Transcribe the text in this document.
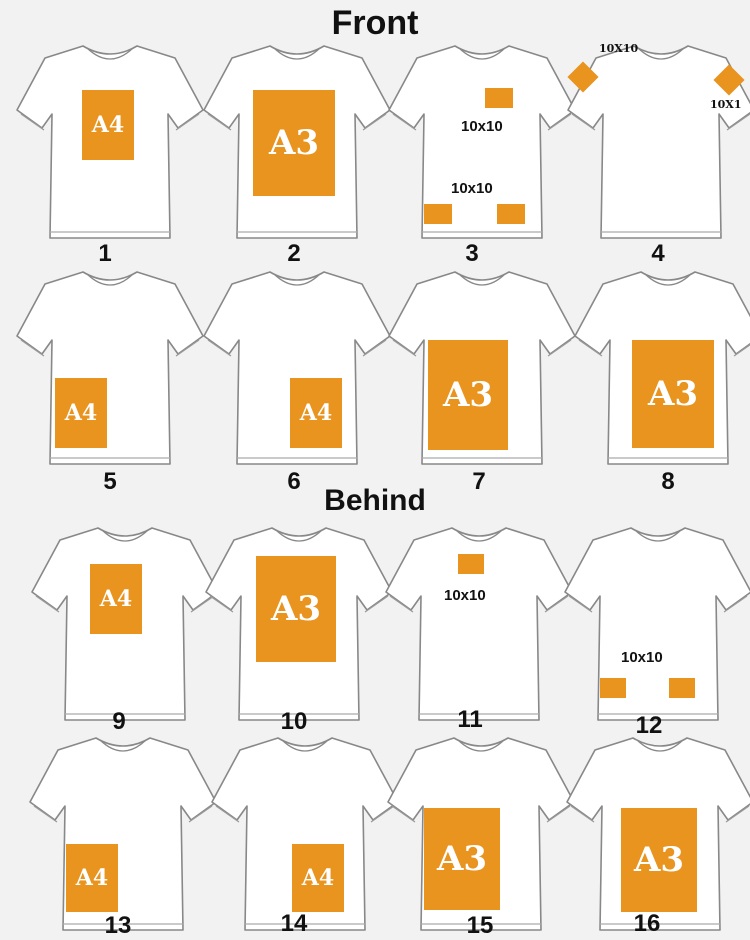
Front
Behind
A4
1
A3
2
10x10
10x10
3
10X10
10X1
4
A4
5
A4
6
A3
7
A3
8
A4
9
A3
10
10x10
11
10x10
12
A4
13
A4
14
A3
15
A3
16
